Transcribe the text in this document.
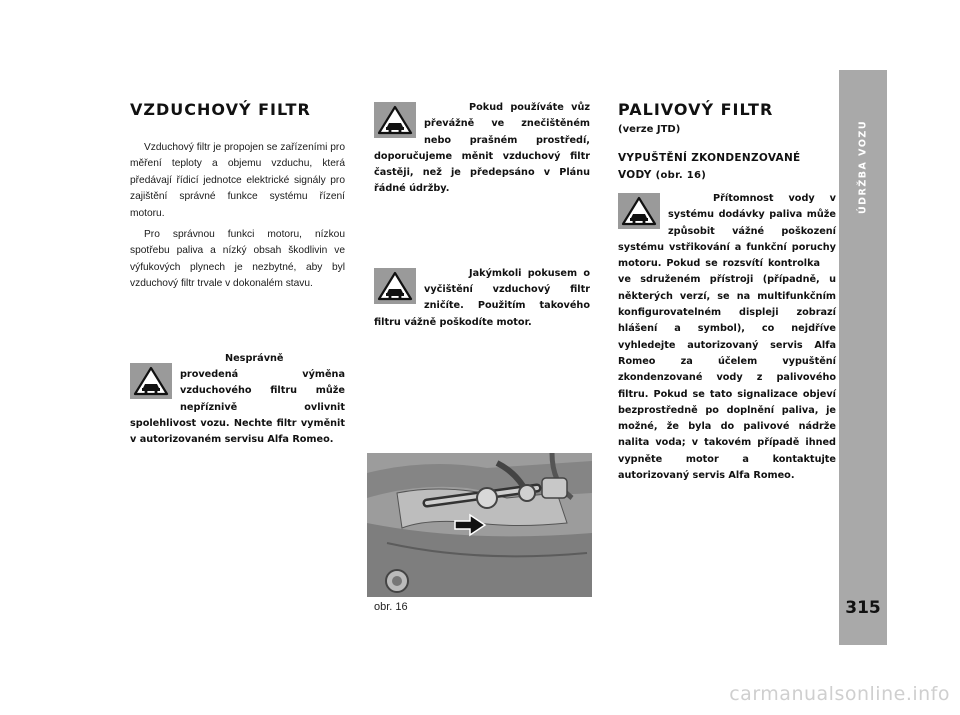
VZDUCHOVÝ FILTR

Vzduchový filtr je propojen se zařízeními pro měření teploty a objemu vzduchu, která předávají řídicí jednotce elektrické signály pro zajištění správné funkce systému řízení motoru.

Pro správnou funkci motoru, nízkou spotřebu paliva a nízký obsah škodlivin ve výfukových plynech je nezbytné, aby byl vzduchový filtr trvale v dokonalém stavu.

Nesprávně provedená výměna vzduchového filtru může nepříznivě ovlivnit spolehlivost vozu. Nechte filtr vyměnit v autorizovaném servisu Alfa Romeo.

Pokud používáte vůz převážně ve znečištěném nebo prašném prostředí, doporučujeme měnit vzduchový filtr častěji, než je předepsáno v Plánu řádné údržby.

Jakýmkoli pokusem o vyčištění vzduchový filtr zničíte. Použitím takového filtru vážně poškodíte motor.

obr. 16
PALIVOVÝ FILTR
(verze JTD)
VYPUŠTĚNÍ ZKONDENZOVANÉ
VODY (obr. 16)

Přítomnost vody v systému dodávky paliva může způsobit vážné poškození systému vstřikování a funkční poruchy motoru. Pokud se rozsvítí kontrolka  ve sdruženém přístroji (případně, u některých verzí, se na multifunkčním konfigurovatelném displeji zobrazí hlášení a symbol), co nejdříve vyhledejte autorizovaný servis Alfa Romeo za účelem vypuštění zkondenzované vody z palivového filtru. Pokud se tato signalizace objeví bezprostředně po doplnění paliva, je možné, že byla do palivové nádrže nalita voda; v takovém případě ihned vypněte motor a kontaktujte autorizovaný servis Alfa Romeo.

ÚDRŽBA VOZU
315
carmanualsonline.info
